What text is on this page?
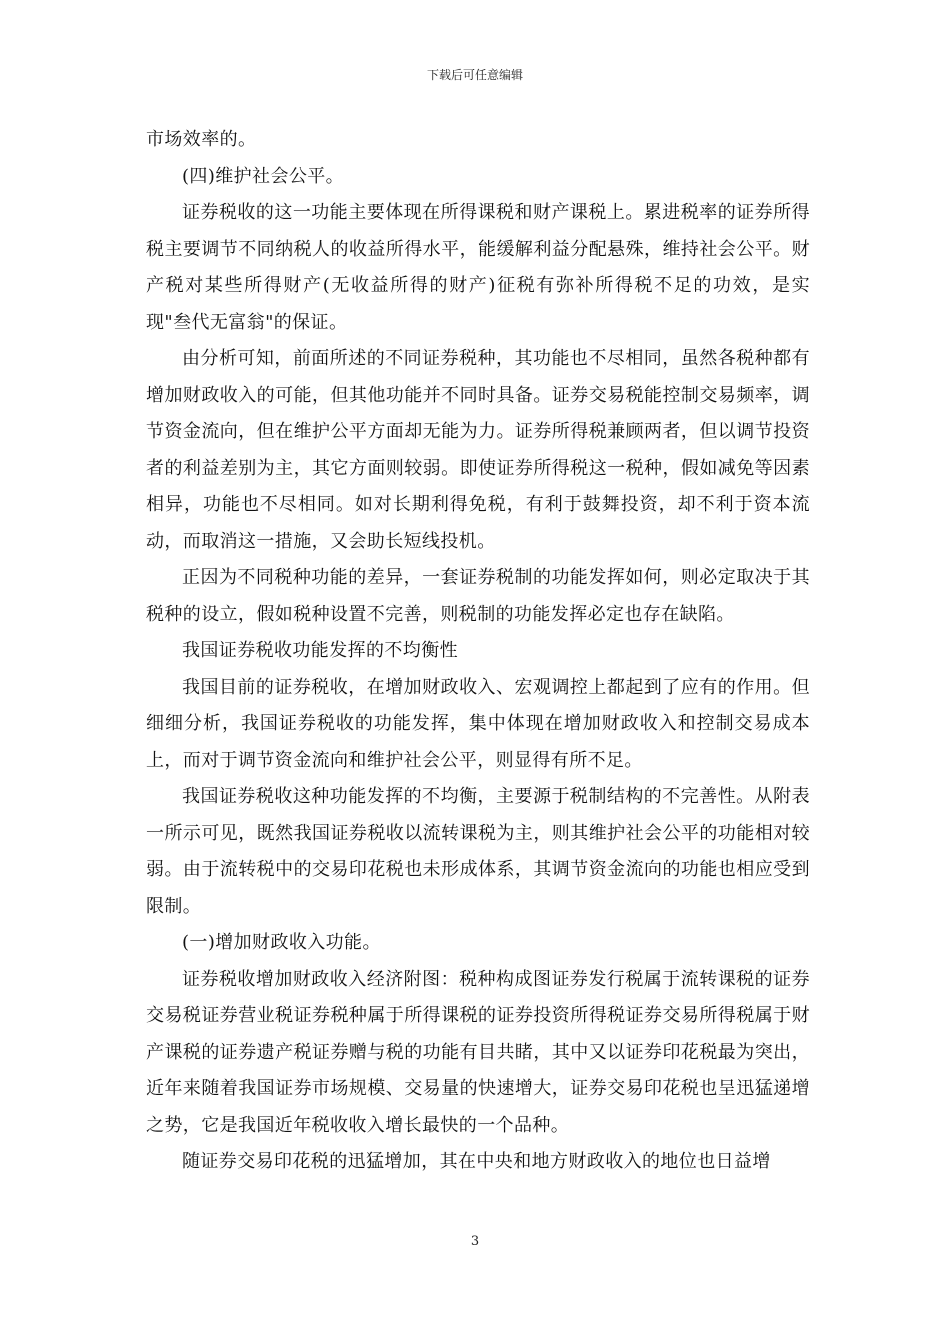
下载后可任意编辑

市场效率的。

(四)维护社会公平。

证券税收的这一功能主要体现在所得课税和财产课税上。累进税率的证券所得税主要调节不同纳税人的收益所得水平，能缓解利益分配悬殊，维持社会公平。财产税对某些所得财产(无收益所得的财产)征税有弥补所得税不足的功效，是实现"叁代无富翁"的保证。

由分析可知，前面所述的不同证券税种，其功能也不尽相同，虽然各税种都有增加财政收入的可能，但其他功能并不同时具备。证券交易税能控制交易频率，调节资金流向，但在维护公平方面却无能为力。证券所得税兼顾两者，但以调节投资者的利益差别为主，其它方面则较弱。即使证券所得税这一税种，假如减免等因素相异，功能也不尽相同。如对长期利得免税，有利于鼓舞投资，却不利于资本流动，而取消这一措施，又会助长短线投机。

正因为不同税种功能的差异，一套证券税制的功能发挥如何，则必定取决于其税种的设立，假如税种设置不完善，则税制的功能发挥必定也存在缺陷。

我国证券税收功能发挥的不均衡性

我国目前的证券税收，在增加财政收入、宏观调控上都起到了应有的作用。但细细分析，我国证券税收的功能发挥，集中体现在增加财政收入和控制交易成本上，而对于调节资金流向和维护社会公平，则显得有所不足。

我国证券税收这种功能发挥的不均衡，主要源于税制结构的不完善性。从附表一所示可见，既然我国证券税收以流转课税为主，则其维护社会公平的功能相对较弱。由于流转税中的交易印花税也未形成体系，其调节资金流向的功能也相应受到限制。

(一)增加财政收入功能。

证券税收增加财政收入经济附图：税种构成图证券发行税属于流转课税的证券交易税证券营业税证券税种属于所得课税的证券投资所得税证券交易所得税属于财产课税的证券遗产税证券赠与税的功能有目共睹，其中又以证券印花税最为突出，近年来随着我国证券市场规模、交易量的快速增大，证券交易印花税也呈迅猛递增之势，它是我国近年税收收入增长最快的一个品种。

随证券交易印花税的迅猛增加，其在中央和地方财政收入的地位也日益增

3
